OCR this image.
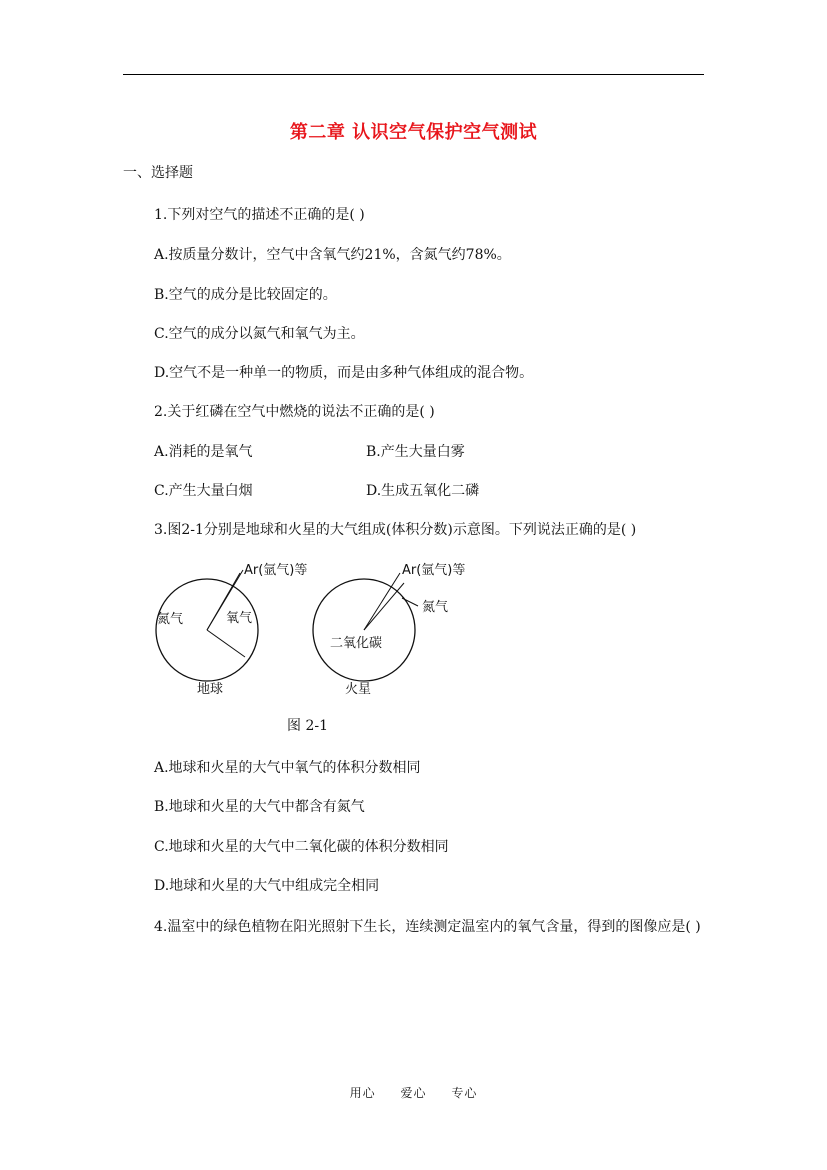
第二章 认识空气保护空气测试
一、选择题
1.下列对空气的描述不正确的是( )
A.按质量分数计，空气中含氧气约21%，含氮气约78%。
B.空气的成分是比较固定的。
C.空气的成分以氮气和氧气为主。
D.空气不是一种单一的物质，而是由多种气体组成的混合物。
2.关于红磷在空气中燃烧的说法不正确的是( )
A.消耗的是氧气	B.产生大量白雾
C.产生大量白烟	D.生成五氧化二磷
3.图2-1分别是地球和火星的大气组成(体积分数)示意图。下列说法正确的是( )
氮气	氧气
Ar(氩气)等
地球
二氧化碳
氮气
Ar(氩气)等
火星
图 2-1
A.地球和火星的大气中氧气的体积分数相同
B.地球和火星的大气中都含有氮气
C.地球和火星的大气中二氧化碳的体积分数相同
D.地球和火星的大气中组成完全相同
4.温室中的绿色植物在阳光照射下生长，连续测定温室内的氧气含量，得到的图像应是( )
用心 爱心 专心
